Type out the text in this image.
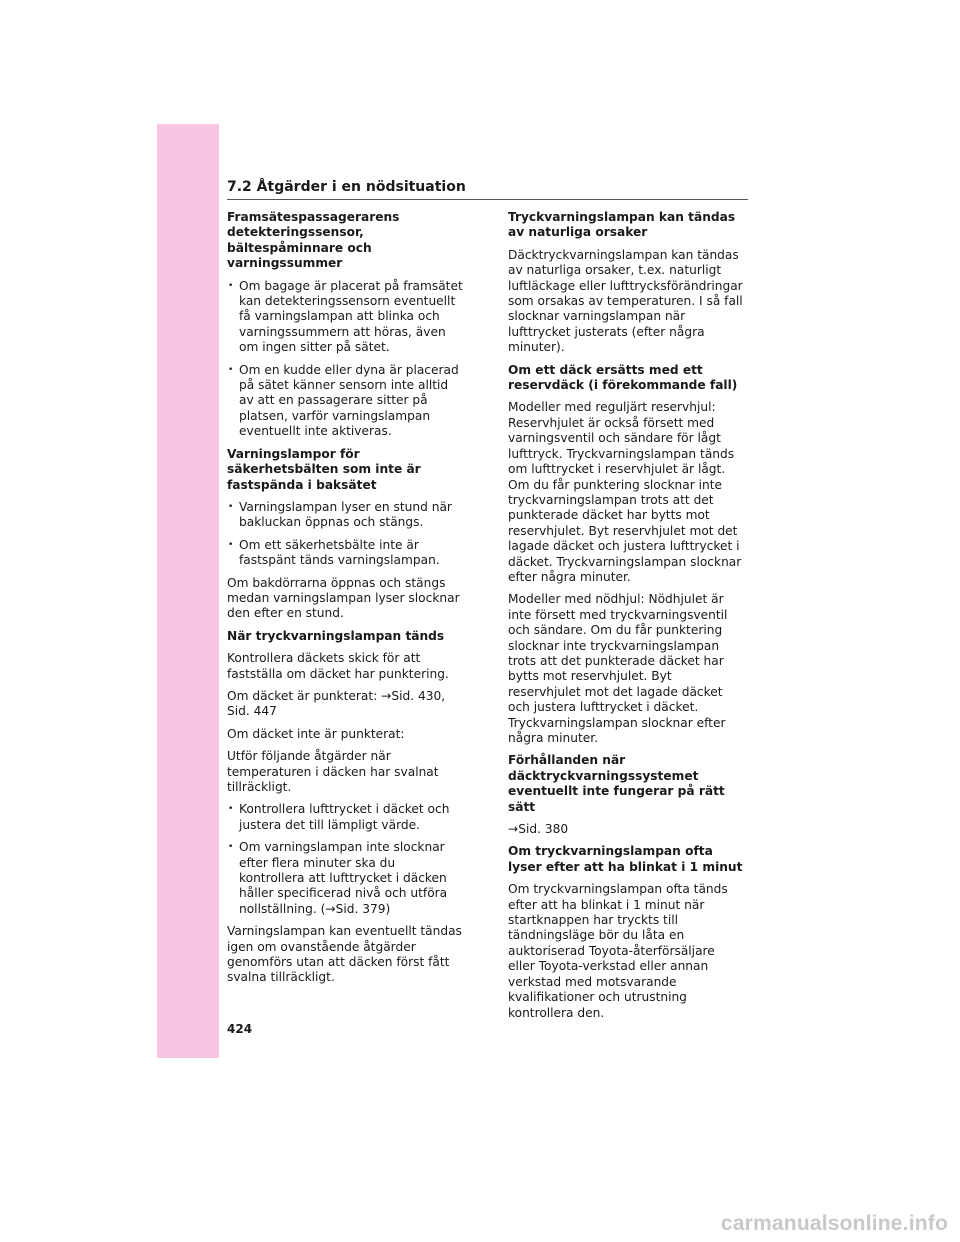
7.2 Åtgärder i en nödsituation
Framsätespassagerarens detekteringssensor, bältespåminnare och varningssummer
• Om bagage är placerat på framsätet kan detekteringssensorn eventuellt få varningslampan att blinka och varningssummern att höras, även om ingen sitter på sätet.
• Om en kudde eller dyna är placerad på sätet känner sensorn inte alltid av att en passagerare sitter på platsen, varför varningslampan eventuellt inte aktiveras.
Varningslampor för säkerhetsbälten som inte är fastspända i baksätet
• Varningslampan lyser en stund när bakluckan öppnas och stängs.
• Om ett säkerhetsbälte inte är fastspänt tänds varningslampan.

Om bakdörrarna öppnas och stängs medan varningslampan lyser slocknar den efter en stund.

När tryckvarningslampan tänds

Kontrollera däckets skick för att fastställa om däcket har punktering.

Om däcket är punkterat: →Sid. 430, Sid. 447

Om däcket inte är punkterat:

Utför följande åtgärder när temperaturen i däcken har svalnat tillräckligt.

• Kontrollera lufttrycket i däcket och justera det till lämpligt värde.
• Om varningslampan inte slocknar efter flera minuter ska du kontrollera att lufttrycket i däcken håller specificerad nivå och utföra nollställning. (→Sid. 379)

Varningslampan kan eventuellt tändas igen om ovanstående åtgärder genomförs utan att däcken först fått svalna tillräckligt.

Tryckvarningslampan kan tändas av naturliga orsaker

Däcktryckvarningslampan kan tändas av naturliga orsaker, t.ex. naturligt luftläckage eller lufttrycksförändringar som orsakas av temperaturen. I så fall slocknar varningslampan när lufttrycket justerats (efter några minuter).

Om ett däck ersätts med ett reservdäck (i förekommande fall)

Modeller med reguljärt reservhjul: Reservhjulet är också försett med varningsventil och sändare för lågt lufttryck. Tryckvarningslampan tänds om lufttrycket i reservhjulet är lågt. Om du får punktering slocknar inte tryckvarningslampan trots att det punkterade däcket har bytts mot reservhjulet. Byt reservhjulet mot det lagade däcket och justera lufttrycket i däcket. Tryckvarningslampan slocknar efter några minuter.

Modeller med nödhjul: Nödhjulet är inte försett med tryckvarningsventil och sändare. Om du får punktering slocknar inte tryckvarningslampan trots att det punkterade däcket har bytts mot reservhjulet. Byt reservhjulet mot det lagade däcket och justera lufttrycket i däcket. Tryckvarningslampan slocknar efter några minuter.

Förhållanden när däcktryckvarningssystemet eventuellt inte fungerar på rätt sätt

→Sid. 380

Om tryckvarningslampan ofta lyser efter att ha blinkat i 1 minut

Om tryckvarningslampan ofta tänds efter att ha blinkat i 1 minut när startknappen har tryckts till tändningsläge bör du låta en auktoriserad Toyota-återförsäljare eller Toyota-verkstad eller annan verkstad med motsvarande kvalifikationer och utrustning kontrollera den.

424
carmanualsonline.info
